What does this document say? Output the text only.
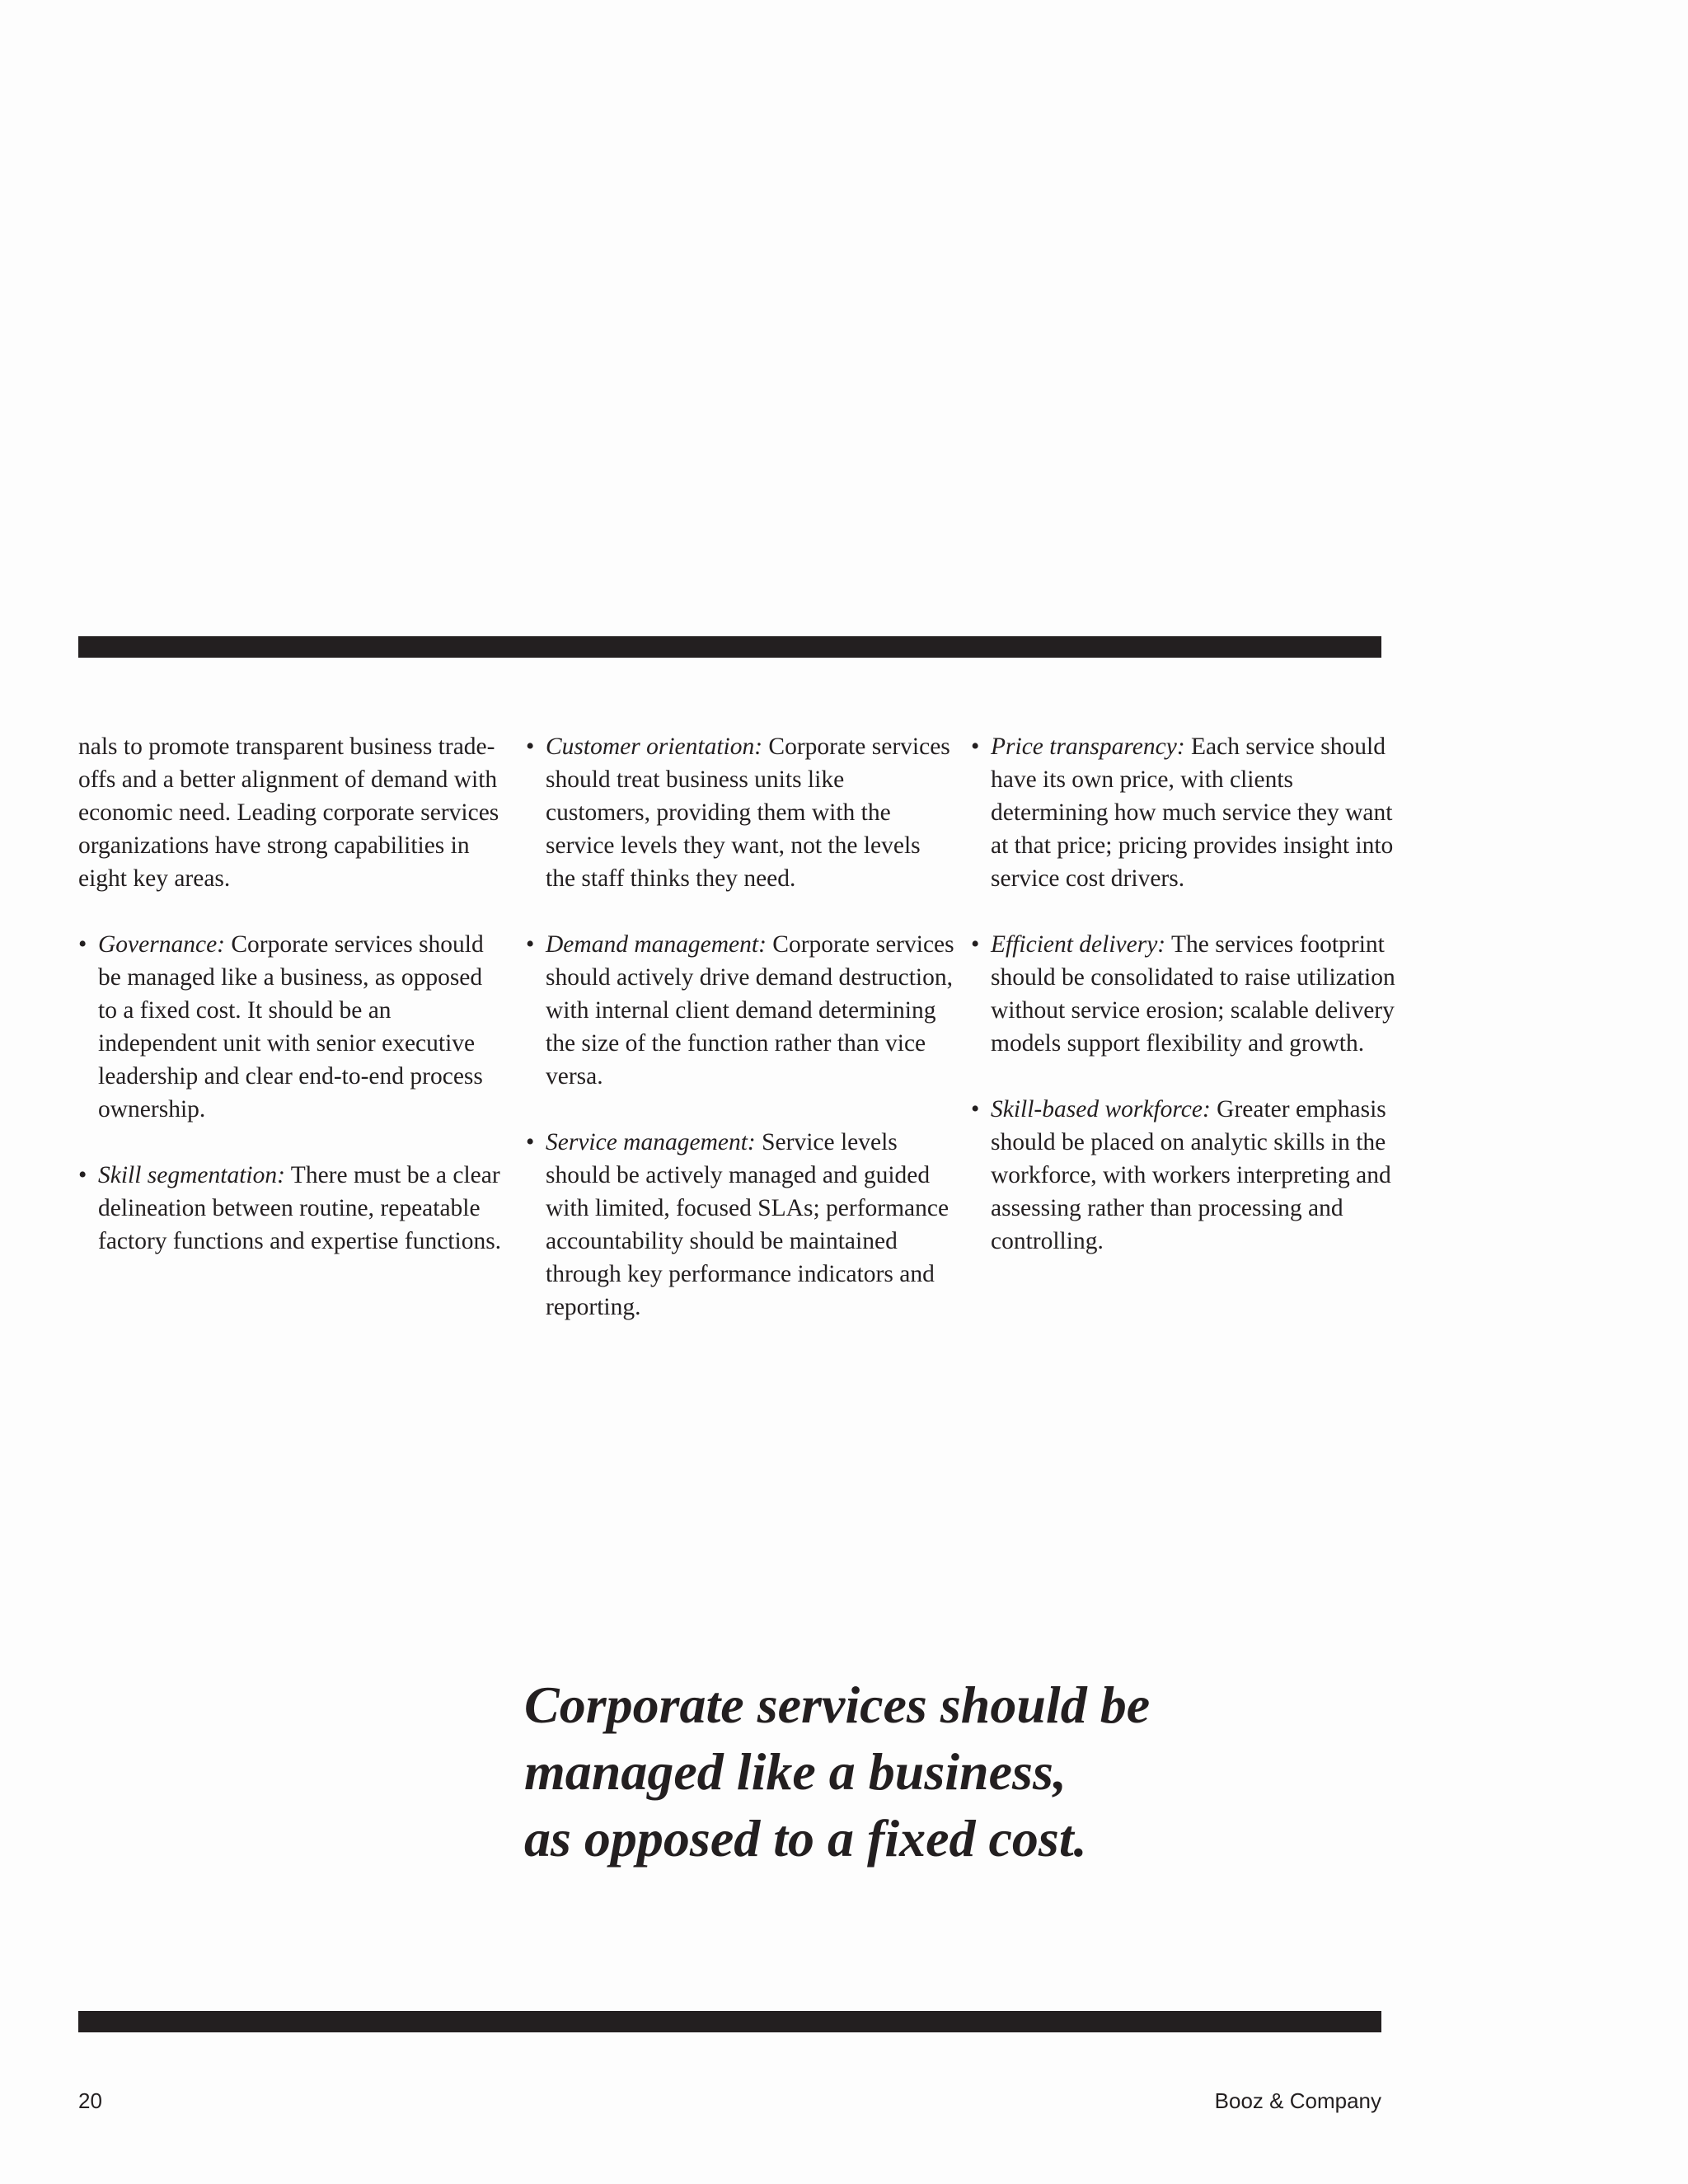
nals to promote transparent business trade-offs and a better alignment of demand with economic need. Leading corporate services organizations have strong capabilities in eight key areas.

• Governance: Corporate services should be managed like a business, as opposed to a fixed cost. It should be an independent unit with senior executive leadership and clear end-to-end process ownership.

• Skill segmentation: There must be a clear delineation between routine, repeatable factory functions and expertise functions.

• Customer orientation: Corporate services should treat business units like customers, providing them with the service levels they want, not the levels the staff thinks they need.

• Demand management: Corporate services should actively drive demand destruction, with internal client demand determining the size of the function rather than vice versa.

• Service management: Service levels should be actively managed and guided with limited, focused SLAs; performance accountability should be maintained through key performance indicators and reporting.

• Price transparency: Each service should have its own price, with clients determining how much service they want at that price; pricing provides insight into service cost drivers.

• Efficient delivery: The services footprint should be consolidated to raise utilization without service erosion; scalable delivery models support flexibility and growth.

• Skill-based workforce: Greater emphasis should be placed on analytic skills in the workforce, with workers interpreting and assessing rather than processing and controlling.

Corporate services should be
managed like a business,
as opposed to a fixed cost.

20	Booz & Company
